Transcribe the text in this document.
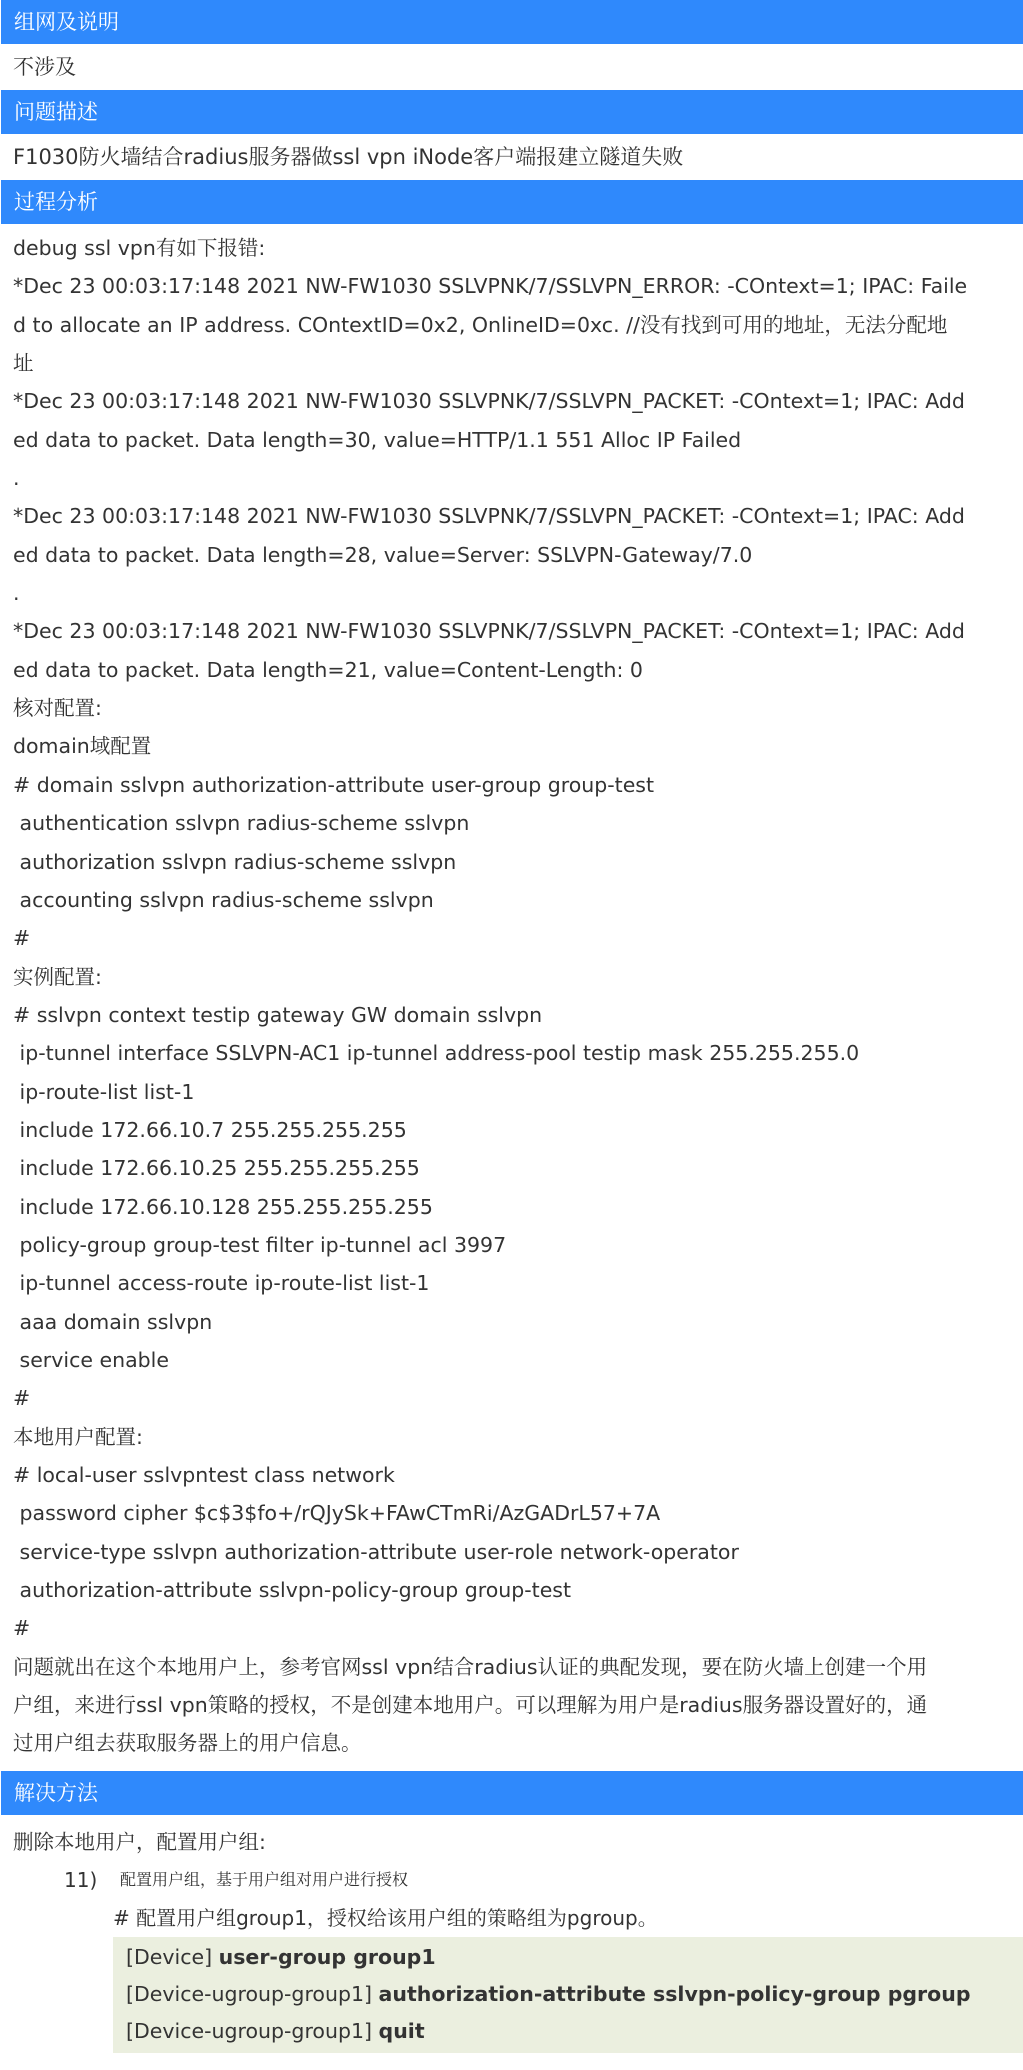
组网及说明
不涉及
问题描述
F1030防火墙结合radius服务器做ssl vpn iNode客户端报建立隧道失败
过程分析
debug ssl vpn有如下报错:
*Dec 23 00:03:17:148 2021 NW-FW1030 SSLVPNK/7/SSLVPN_ERROR: -COntext=1; IPAC: Faile
d to allocate an IP address. COntextID=0x2, OnlineID=0xc. //没有找到可用的地址，无法分配地
址
*Dec 23 00:03:17:148 2021 NW-FW1030 SSLVPNK/7/SSLVPN_PACKET: -COntext=1; IPAC: Add
ed data to packet. Data length=30, value=HTTP/1.1 551 Alloc IP Failed
.
*Dec 23 00:03:17:148 2021 NW-FW1030 SSLVPNK/7/SSLVPN_PACKET: -COntext=1; IPAC: Add
ed data to packet. Data length=28, value=Server: SSLVPN-Gateway/7.0
.
*Dec 23 00:03:17:148 2021 NW-FW1030 SSLVPNK/7/SSLVPN_PACKET: -COntext=1; IPAC: Add
ed data to packet. Data length=21, value=Content-Length: 0
核对配置:
domain域配置
# domain sslvpn authorization-attribute user-group group-test
authentication sslvpn radius-scheme sslvpn
authorization sslvpn radius-scheme sslvpn
accounting sslvpn radius-scheme sslvpn
#
实例配置:
# sslvpn context testip gateway GW domain sslvpn
ip-tunnel interface SSLVPN-AC1 ip-tunnel address-pool testip mask 255.255.255.0
ip-route-list list-1
include 172.66.10.7 255.255.255.255
include 172.66.10.25 255.255.255.255
include 172.66.10.128 255.255.255.255
policy-group group-test filter ip-tunnel acl 3997
ip-tunnel access-route ip-route-list list-1
aaa domain sslvpn
service enable
#
本地用户配置:
# local-user sslvpntest class network
password cipher $c$3$fo+/rQJySk+FAwCTmRi/AzGADrL57+7A
service-type sslvpn authorization-attribute user-role network-operator
authorization-attribute sslvpn-policy-group group-test
#
问题就出在这个本地用户上，参考官网ssl vpn结合radius认证的典配发现，要在防火墙上创建一个用
户组，来进行ssl vpn策略的授权，不是创建本地用户。可以理解为用户是radius服务器设置好的，通
过用户组去获取服务器上的用户信息。
解决方法
删除本地用户，配置用户组:
11) 配置用户组，基于用户组对用户进行授权
# 配置用户组group1，授权给该用户组的策略组为pgroup。
[Device] user-group group1
[Device-ugroup-group1] authorization-attribute sslvpn-policy-group pgroup
[Device-ugroup-group1] quit
